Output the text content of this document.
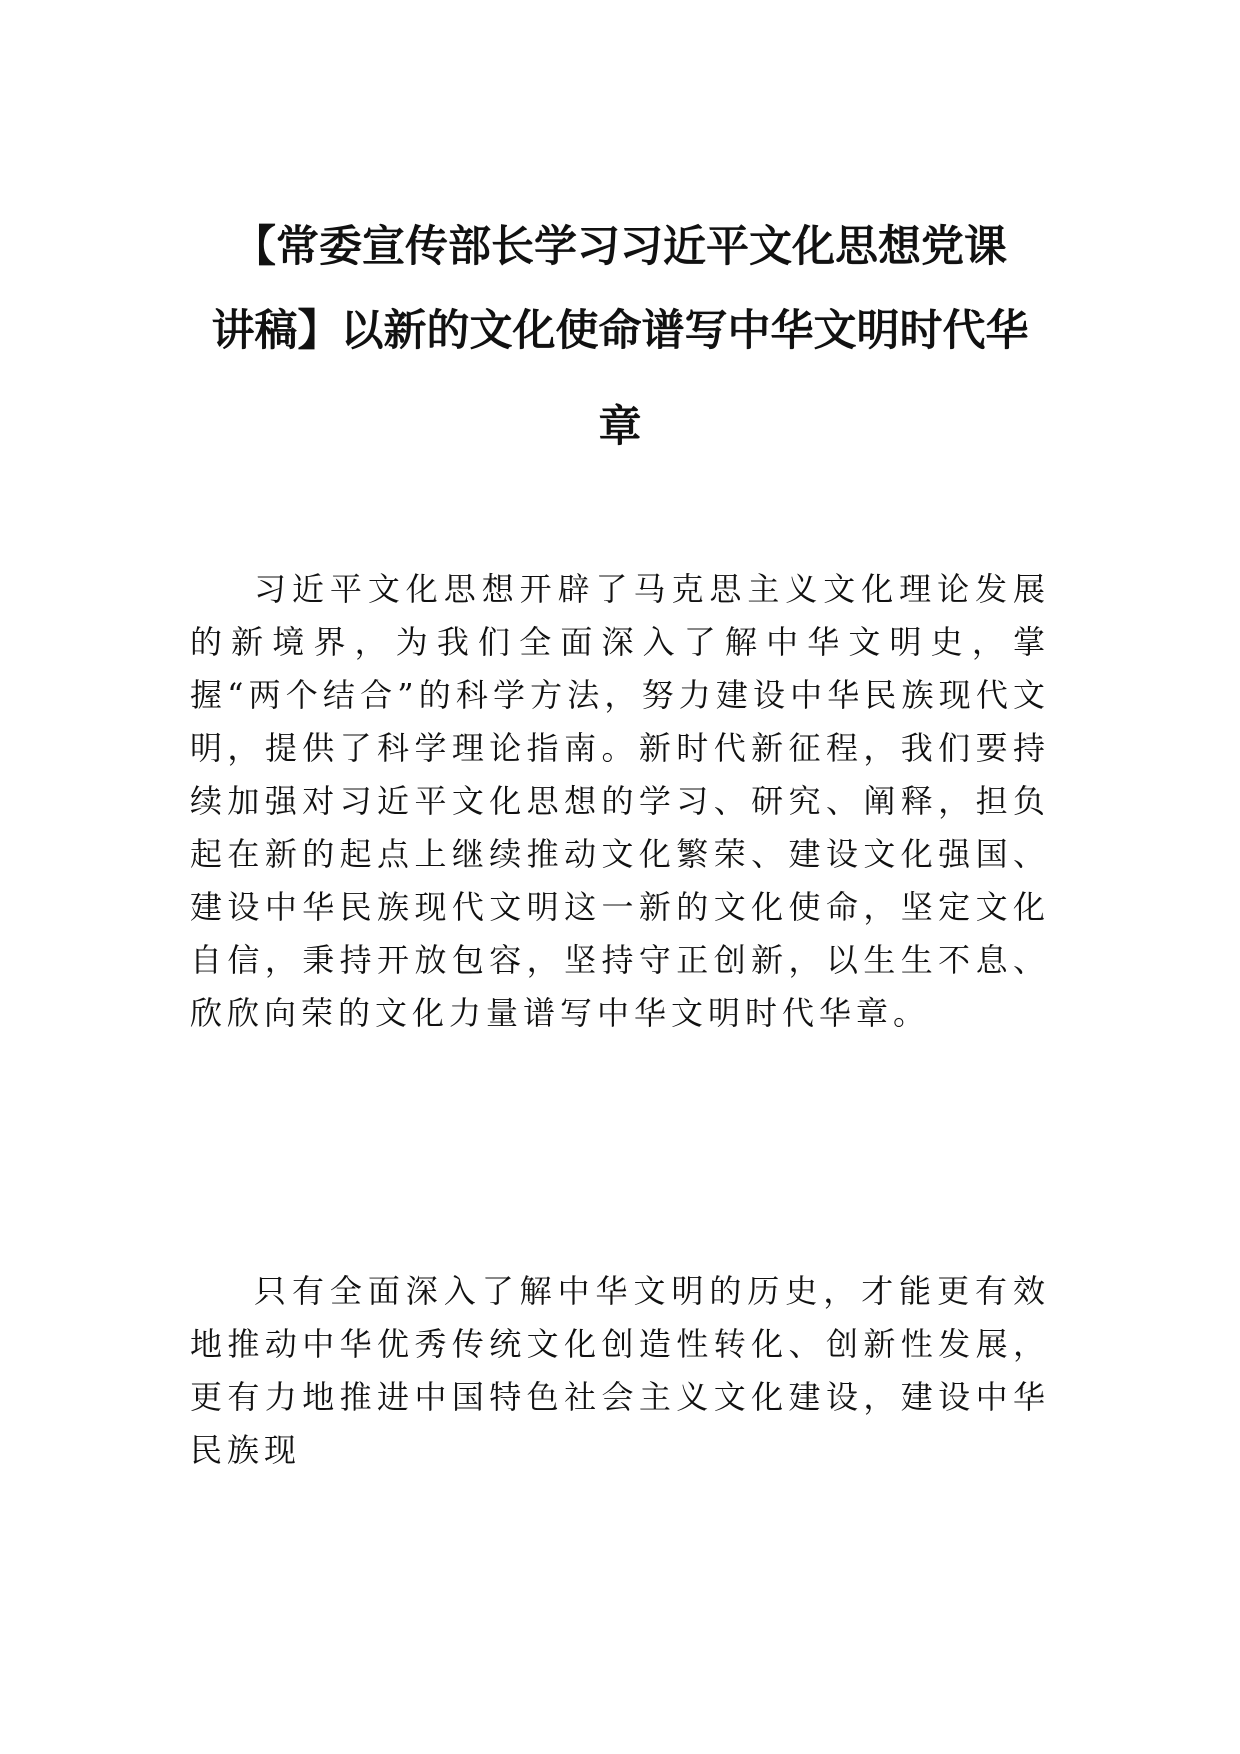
【常委宣传部长学习习近平文化思想党课
讲稿】以新的文化使命谱写中华文明时代华
章

习近平文化思想开辟了马克思主义文化理论发展的新境界，为我们全面深入了解中华文明史，掌握“两个结合”的科学方法，努力建设中华民族现代文明，提供了科学理论指南。新时代新征程，我们要持续加强对习近平文化思想的学习、研究、阐释，担负起在新的起点上继续推动文化繁荣、建设文化强国、建设中华民族现代文明这一新的文化使命，坚定文化自信，秉持开放包容，坚持守正创新，以生生不息、欣欣向荣的文化力量谱写中华文明时代华章。

只有全面深入了解中华文明的历史，才能更有效地推动中华优秀传统文化创造性转化、创新性发展，更有力地推进中国特色社会主义文化建设，建设中华民族现
